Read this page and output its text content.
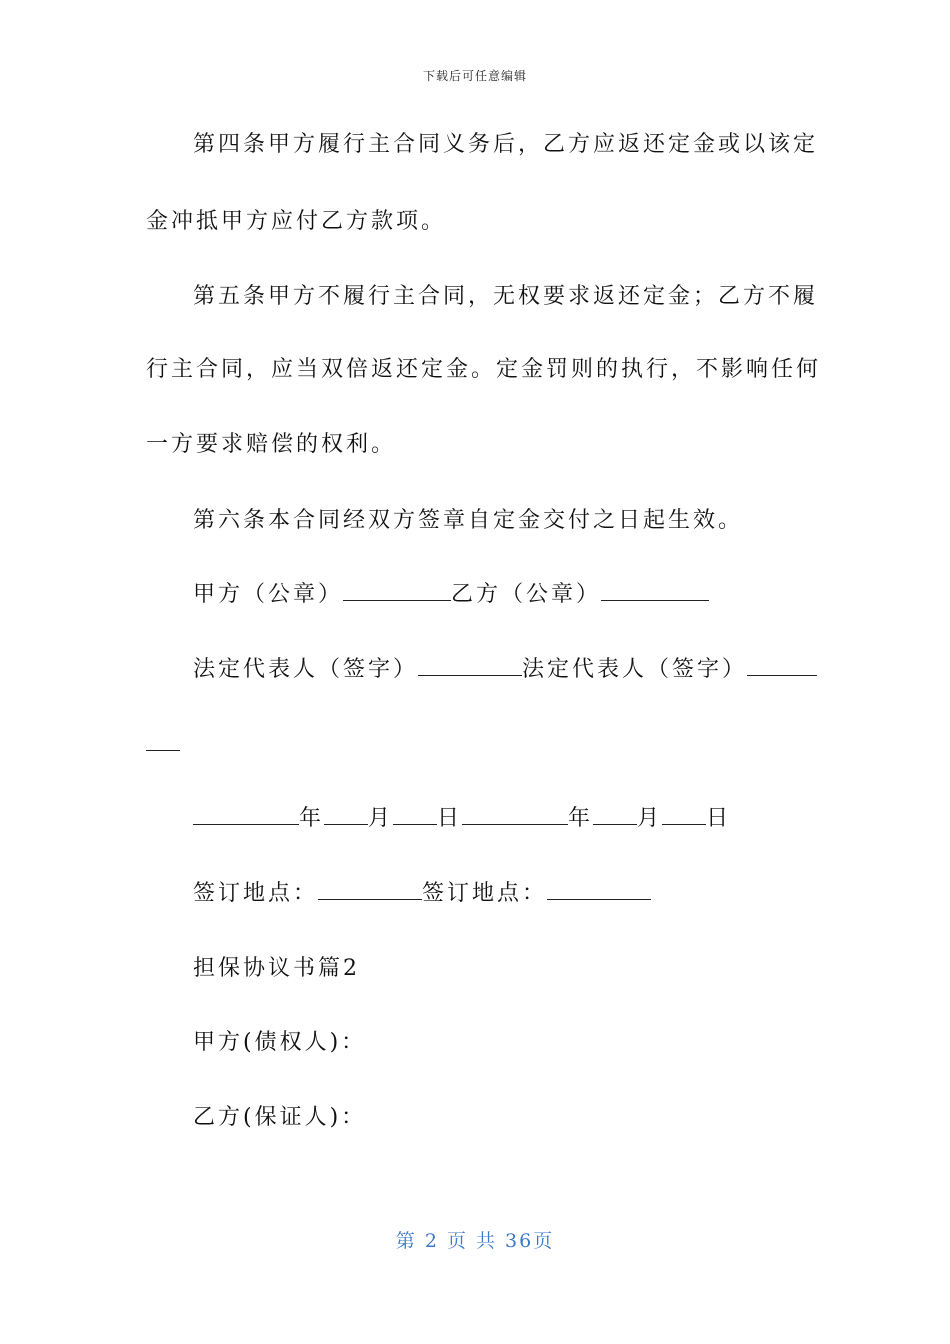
下载后可任意编辑
第四条甲方履行主合同义务后，乙方应返还定金或以该定
金冲抵甲方应付乙方款项。
第五条甲方不履行主合同，无权要求返还定金；乙方不履
行主合同，应当双倍返还定金。定金罚则的执行，不影响任何
一方要求赔偿的权利。
第六条本合同经双方签章自定金交付之日起生效。
甲方（公章）	乙方（公章）
法定代表人（签字）	法定代表人（签字）
年 月 日	年 月 日
签订地点：	签订地点：
担保协议书篇2
甲方(债权人)：
乙方(保证人)：
第 2 页 共 36页
